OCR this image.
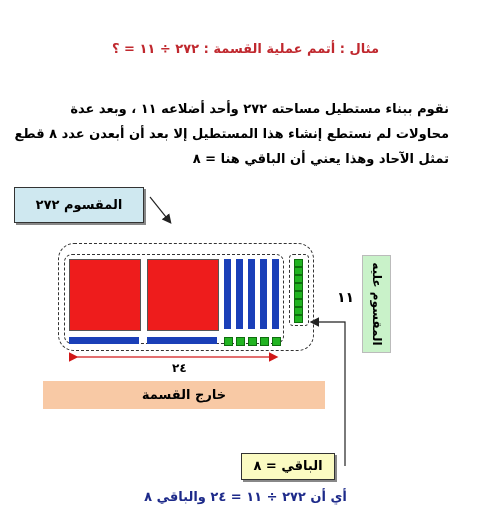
مثال : أتمم عملية القسمة : ٢٧٢ ÷ ١١ = ؟
نقوم ببناء مستطيل مساحته ٢٧٢ وأحد أضلاعه ١١ ، وبعد عدة
محاولات لم نستطع إنشاء هذا المستطيل إلا بعد أن أبعدن عدد ٨ قطع
تمثل الآحاد وهذا يعني أن الباقي هنا = ٨
المقسوم ٢٧٢
١١ المقسوم عليه
٢٤
خارج القسمة
الباقي = ٨
أي أن ٢٧٢ ÷ ١١ = ٢٤ والباقي ٨
